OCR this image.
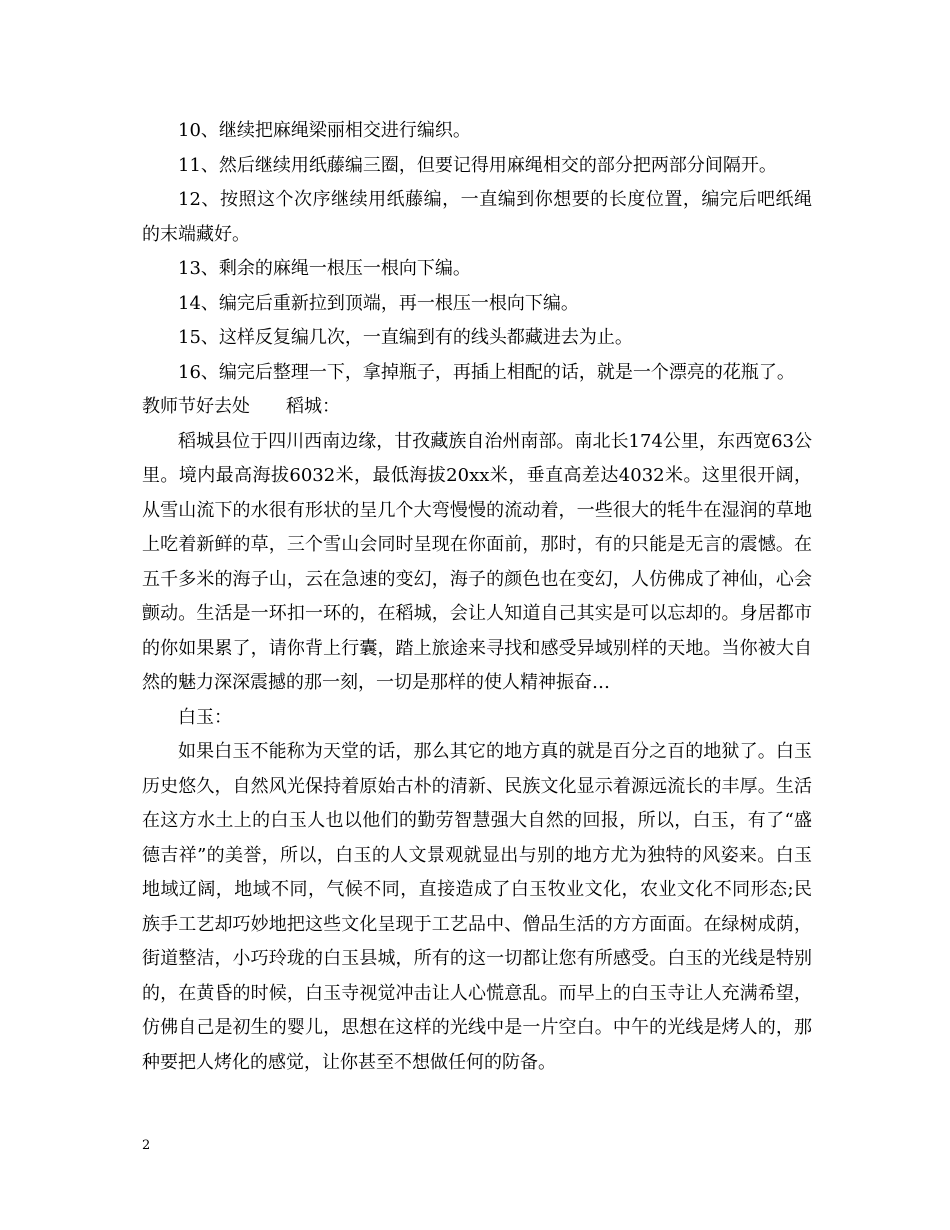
10、继续把麻绳梁丽相交进行编织。

11、然后继续用纸藤编三圈，但要记得用麻绳相交的部分把两部分间隔开。

12、按照这个次序继续用纸藤编，一直编到你想要的长度位置，编完后吧纸绳的末端藏好。

13、剩余的麻绳一根压一根向下编。

14、编完后重新拉到顶端，再一根压一根向下编。

15、这样反复编几次，一直编到有的线头都藏进去为止。

16、编完后整理一下，拿掉瓶子，再插上相配的话，就是一个漂亮的花瓶了。

教师节好去处 稻城：

稻城县位于四川西南边缘，甘孜藏族自治州南部。南北长174公里，东西宽63公里。境内最高海拔6032米，最低海拔20xx米，垂直高差达4032米。这里很开阔，从雪山流下的水很有形状的呈几个大弯慢慢的流动着，一些很大的牦牛在湿润的草地上吃着新鲜的草，三个雪山会同时呈现在你面前，那时，有的只能是无言的震憾。在五千多米的海子山，云在急速的变幻，海子的颜色也在变幻，人仿佛成了神仙，心会颤动。生活是一环扣一环的，在稻城，会让人知道自己其实是可以忘却的。身居都市的你如果累了，请你背上行囊，踏上旅途来寻找和感受异域别样的天地。当你被大自然的魅力深深震撼的那一刻，一切是那样的使人精神振奋…

白玉：

如果白玉不能称为天堂的话，那么其它的地方真的就是百分之百的地狱了。白玉历史悠久，自然风光保持着原始古朴的清新、民族文化显示着源远流长的丰厚。生活在这方水土上的白玉人也以他们的勤劳智慧强大自然的回报，所以，白玉，有了“盛德吉祥”的美誉，所以，白玉的人文景观就显出与别的地方尤为独特的风姿来。白玉地域辽阔，地域不同，气候不同，直接造成了白玉牧业文化，农业文化不同形态;民族手工艺却巧妙地把这些文化呈现于工艺品中、僧品生活的方方面面。在绿树成荫，街道整洁，小巧玲珑的白玉县城，所有的这一切都让您有所感受。白玉的光线是特别的，在黄昏的时候，白玉寺视觉冲击让人心慌意乱。而早上的白玉寺让人充满希望，仿佛自己是初生的婴儿，思想在这样的光线中是一片空白。中午的光线是烤人的，那种要把人烤化的感觉，让你甚至不想做任何的防备。

2
